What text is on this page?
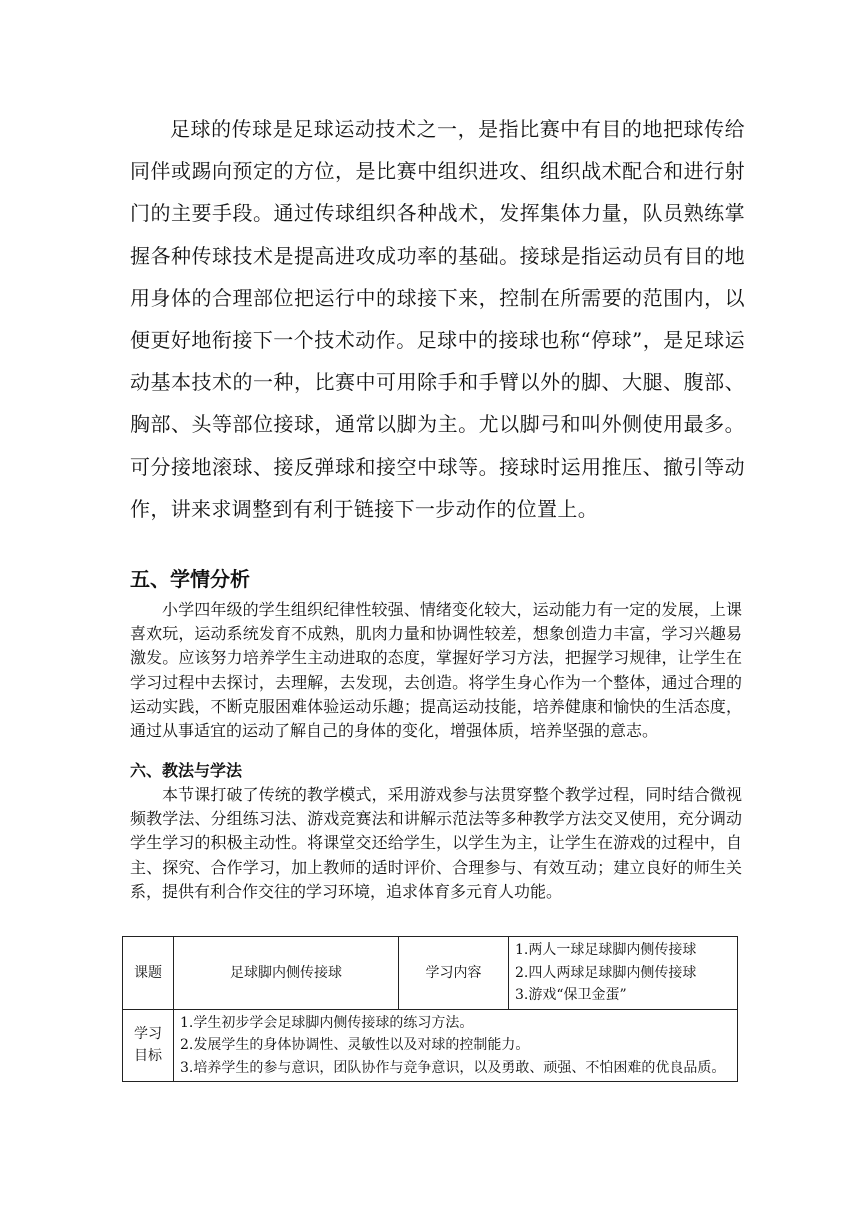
足球的传球是足球运动技术之一，是指比赛中有目的地把球传给同伴或踢向预定的方位，是比赛中组织进攻、组织战术配合和进行射门的主要手段。通过传球组织各种战术，发挥集体力量，队员熟练掌握各种传球技术是提高进攻成功率的基础。接球是指运动员有目的地用身体的合理部位把运行中的球接下来，控制在所需要的范围内，以便更好地衔接下一个技术动作。足球中的接球也称“停球”，是足球运动基本技术的一种，比赛中可用除手和手臂以外的脚、大腿、腹部、胸部、头等部位接球，通常以脚为主。尤以脚弓和叫外侧使用最多。可分接地滚球、接反弹球和接空中球等。接球时运用推压、撤引等动作，讲来求调整到有利于链接下一步动作的位置上。

五、学情分析

小学四年级的学生组织纪律性较强、情绪变化较大，运动能力有一定的发展，上课喜欢玩，运动系统发育不成熟，肌肉力量和协调性较差，想象创造力丰富，学习兴趣易激发。应该努力培养学生主动进取的态度，掌握好学习方法，把握学习规律，让学生在学习过程中去探讨，去理解，去发现，去创造。将学生身心作为一个整体，通过合理的运动实践，不断克服困难体验运动乐趣；提高运动技能，培养健康和愉快的生活态度，通过从事适宜的运动了解自己的身体的变化，增强体质，培养坚强的意志。

六、教法与学法

本节课打破了传统的教学模式，采用游戏参与法贯穿整个教学过程，同时结合微视频教学法、分组练习法、游戏竞赛法和讲解示范法等多种教学方法交叉使用，充分调动学生学习的积极主动性。将课堂交还给学生，以学生为主，让学生在游戏的过程中，自主、探究、合作学习，加上教师的适时评价、合理参与、有效互动；建立良好的师生关系，提供有利合作交往的学习环境，追求体育多元育人功能。

课题	足球脚内侧传接球	学习内容	1.两人一球足球脚内侧传接球
2.四人两球足球脚内侧传接球
3.游戏“保卫金蛋”

学习目标	1.学生初步学会足球脚内侧传接球的练习方法。
2.发展学生的身体协调性、灵敏性以及对球的控制能力。
3.培养学生的参与意识，团队协作与竞争意识，以及勇敢、顽强、不怕困难的优良品质。		
